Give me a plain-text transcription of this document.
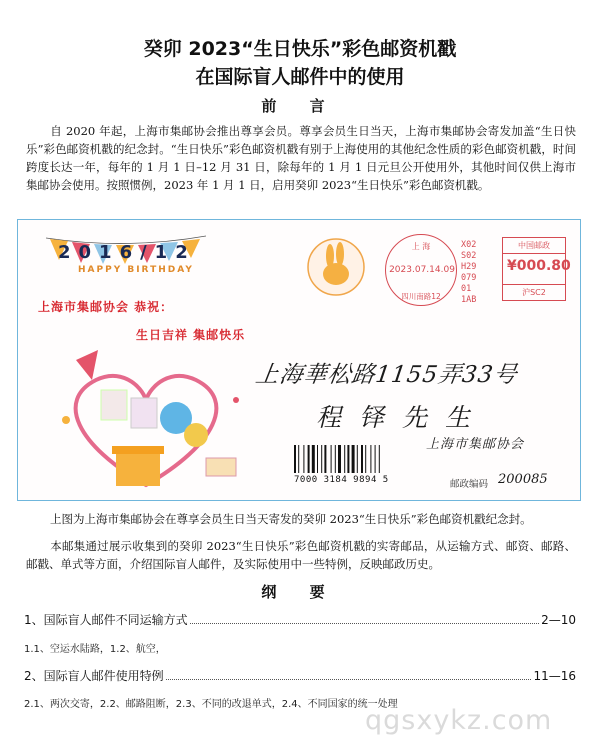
癸卯 2023“生日快乐”彩色邮资机戳
在国际盲人邮件中的使用
前 言
自 2020 年起，上海市集邮协会推出尊享会员。尊享会员生日当天，上海市集邮协会寄发加盖“生日快乐”彩色邮资机戳的纪念封。“生日快乐”彩色邮资机戳有别于上海使用的其他纪念性质的彩色邮资机戳，时间跨度长达一年，每年的 1 月 1 日–12 月 31 日，除每年的 1 月 1 日元旦公开使用外，其他时间仅供上海市集邮协会使用。按照惯例，2023 年 1 月 1 日，启用癸卯 2023“生日快乐”彩色邮资机戳。
2016/12
HAPPY BIRTHDAY
上海市集邮协会 恭祝：
生日吉祥 集邮快乐
上 海
2023.07.14.09
四川南路12
X02
S02
H29
079
01
1AB
中国邮政
¥000.80
沪SC2
上海華松路1155弄33号
程铎先生
上海市集邮协会
7000 3184 9894 5	邮政编码 200085
上图为上海市集邮协会在尊享会员生日当天寄发的癸卯 2023“生日快乐”彩色邮资机戳纪念封。
本邮集通过展示收集到的癸卯 2023“生日快乐”彩色邮资机戳的实寄邮品，从运输方式、邮资、邮路、邮戳、单式等方面，介绍国际盲人邮件，及实际使用中一些特例，反映邮政历史。
纲 要
1、国际盲人邮件不同运输方式	2—10
1.1、空运水陆路，1.2、航空，
2、国际盲人邮件使用特例	11—16
2.1、两次交寄，2.2、邮路阻断，2.3、不同的改退单式，2.4、不同国家的统一处理
qgsxykz.com
